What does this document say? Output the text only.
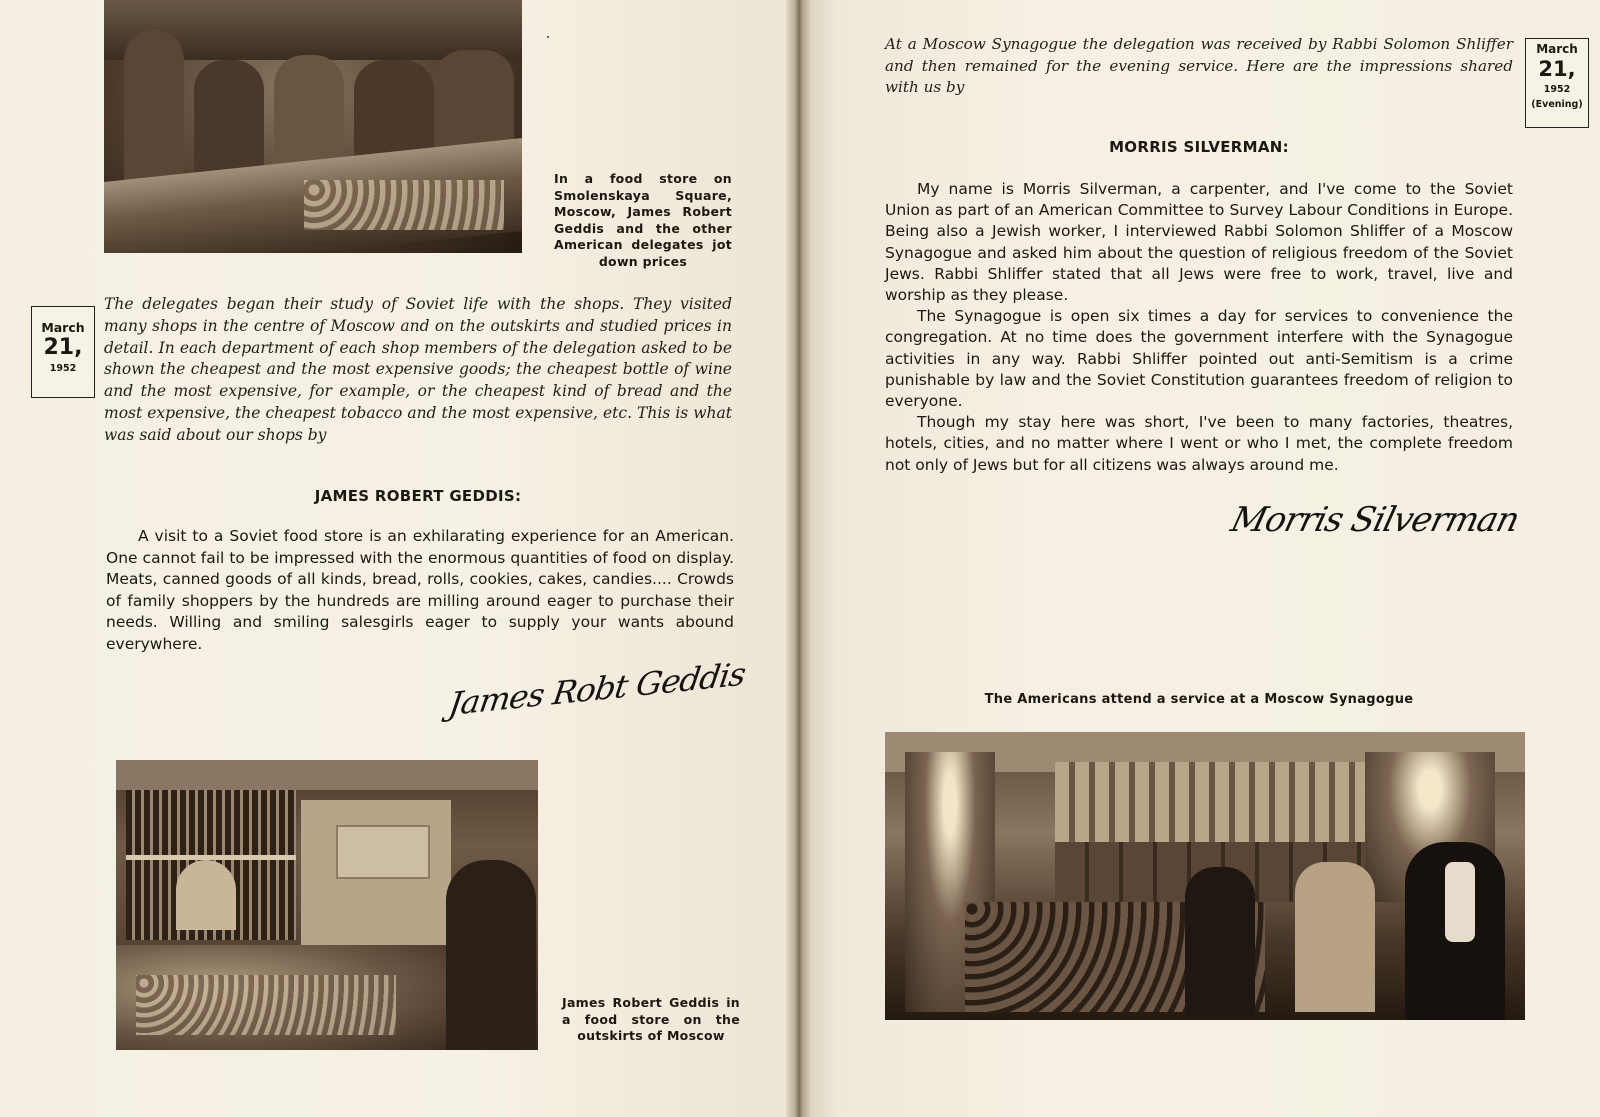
In a food store on Smolenskaya Square, Moscow, James Robert Geddis and the other American delegates jot down prices
March
21,
1952
The delegates began their study of Soviet life with the shops. They visited many shops in the centre of Moscow and on the outskirts and studied prices in detail. In each department of each shop members of the delegation asked to be shown the cheapest and the most expensive goods; the cheapest bottle of wine and the most expensive, for example, or the cheapest kind of bread and the most expensive, the cheapest tobacco and the most expensive, etc. This is what was said about our shops by
JAMES ROBERT GEDDIS:

A visit to a Soviet food store is an exhilarating experience for an American. One cannot fail to be impressed with the enormous quantities of food on display. Meats, canned goods of all kinds, bread, rolls, cookies, cakes, candies.... Crowds of family shoppers by the hundreds are milling around eager to purchase their needs. Willing and smiling salesgirls eager to supply your wants abound everywhere.

James Robt Geddis
James Robert Geddis in a food store on the outskirts of Moscow
At a Moscow Synagogue the delegation was received by Rabbi Solomon Shliffer and then remained for the evening service. Here are the impressions shared with us by
March
21,
1952
(Evening)
MORRIS SILVERMAN:

My name is Morris Silverman, a carpenter, and I've come to the Soviet Union as part of an American Committee to Survey Labour Conditions in Europe. Being also a Jewish worker, I interviewed Rabbi Solomon Shliffer of a Moscow Synagogue and asked him about the question of religious freedom of the Soviet Jews. Rabbi Shliffer stated that all Jews were free to work, travel, live and worship as they please.

The Synagogue is open six times a day for services to convenience the congregation. At no time does the government interfere with the Synagogue activities in any way. Rabbi Shliffer pointed out anti-Semitism is a crime punishable by law and the Soviet Constitution guarantees freedom of religion to everyone.

Though my stay here was short, I've been to many factories, theatres, hotels, cities, and no matter where I went or who I met, the complete freedom not only of Jews but for all citizens was always around me.

Morris Silverman
The Americans attend a service at a Moscow Synagogue
